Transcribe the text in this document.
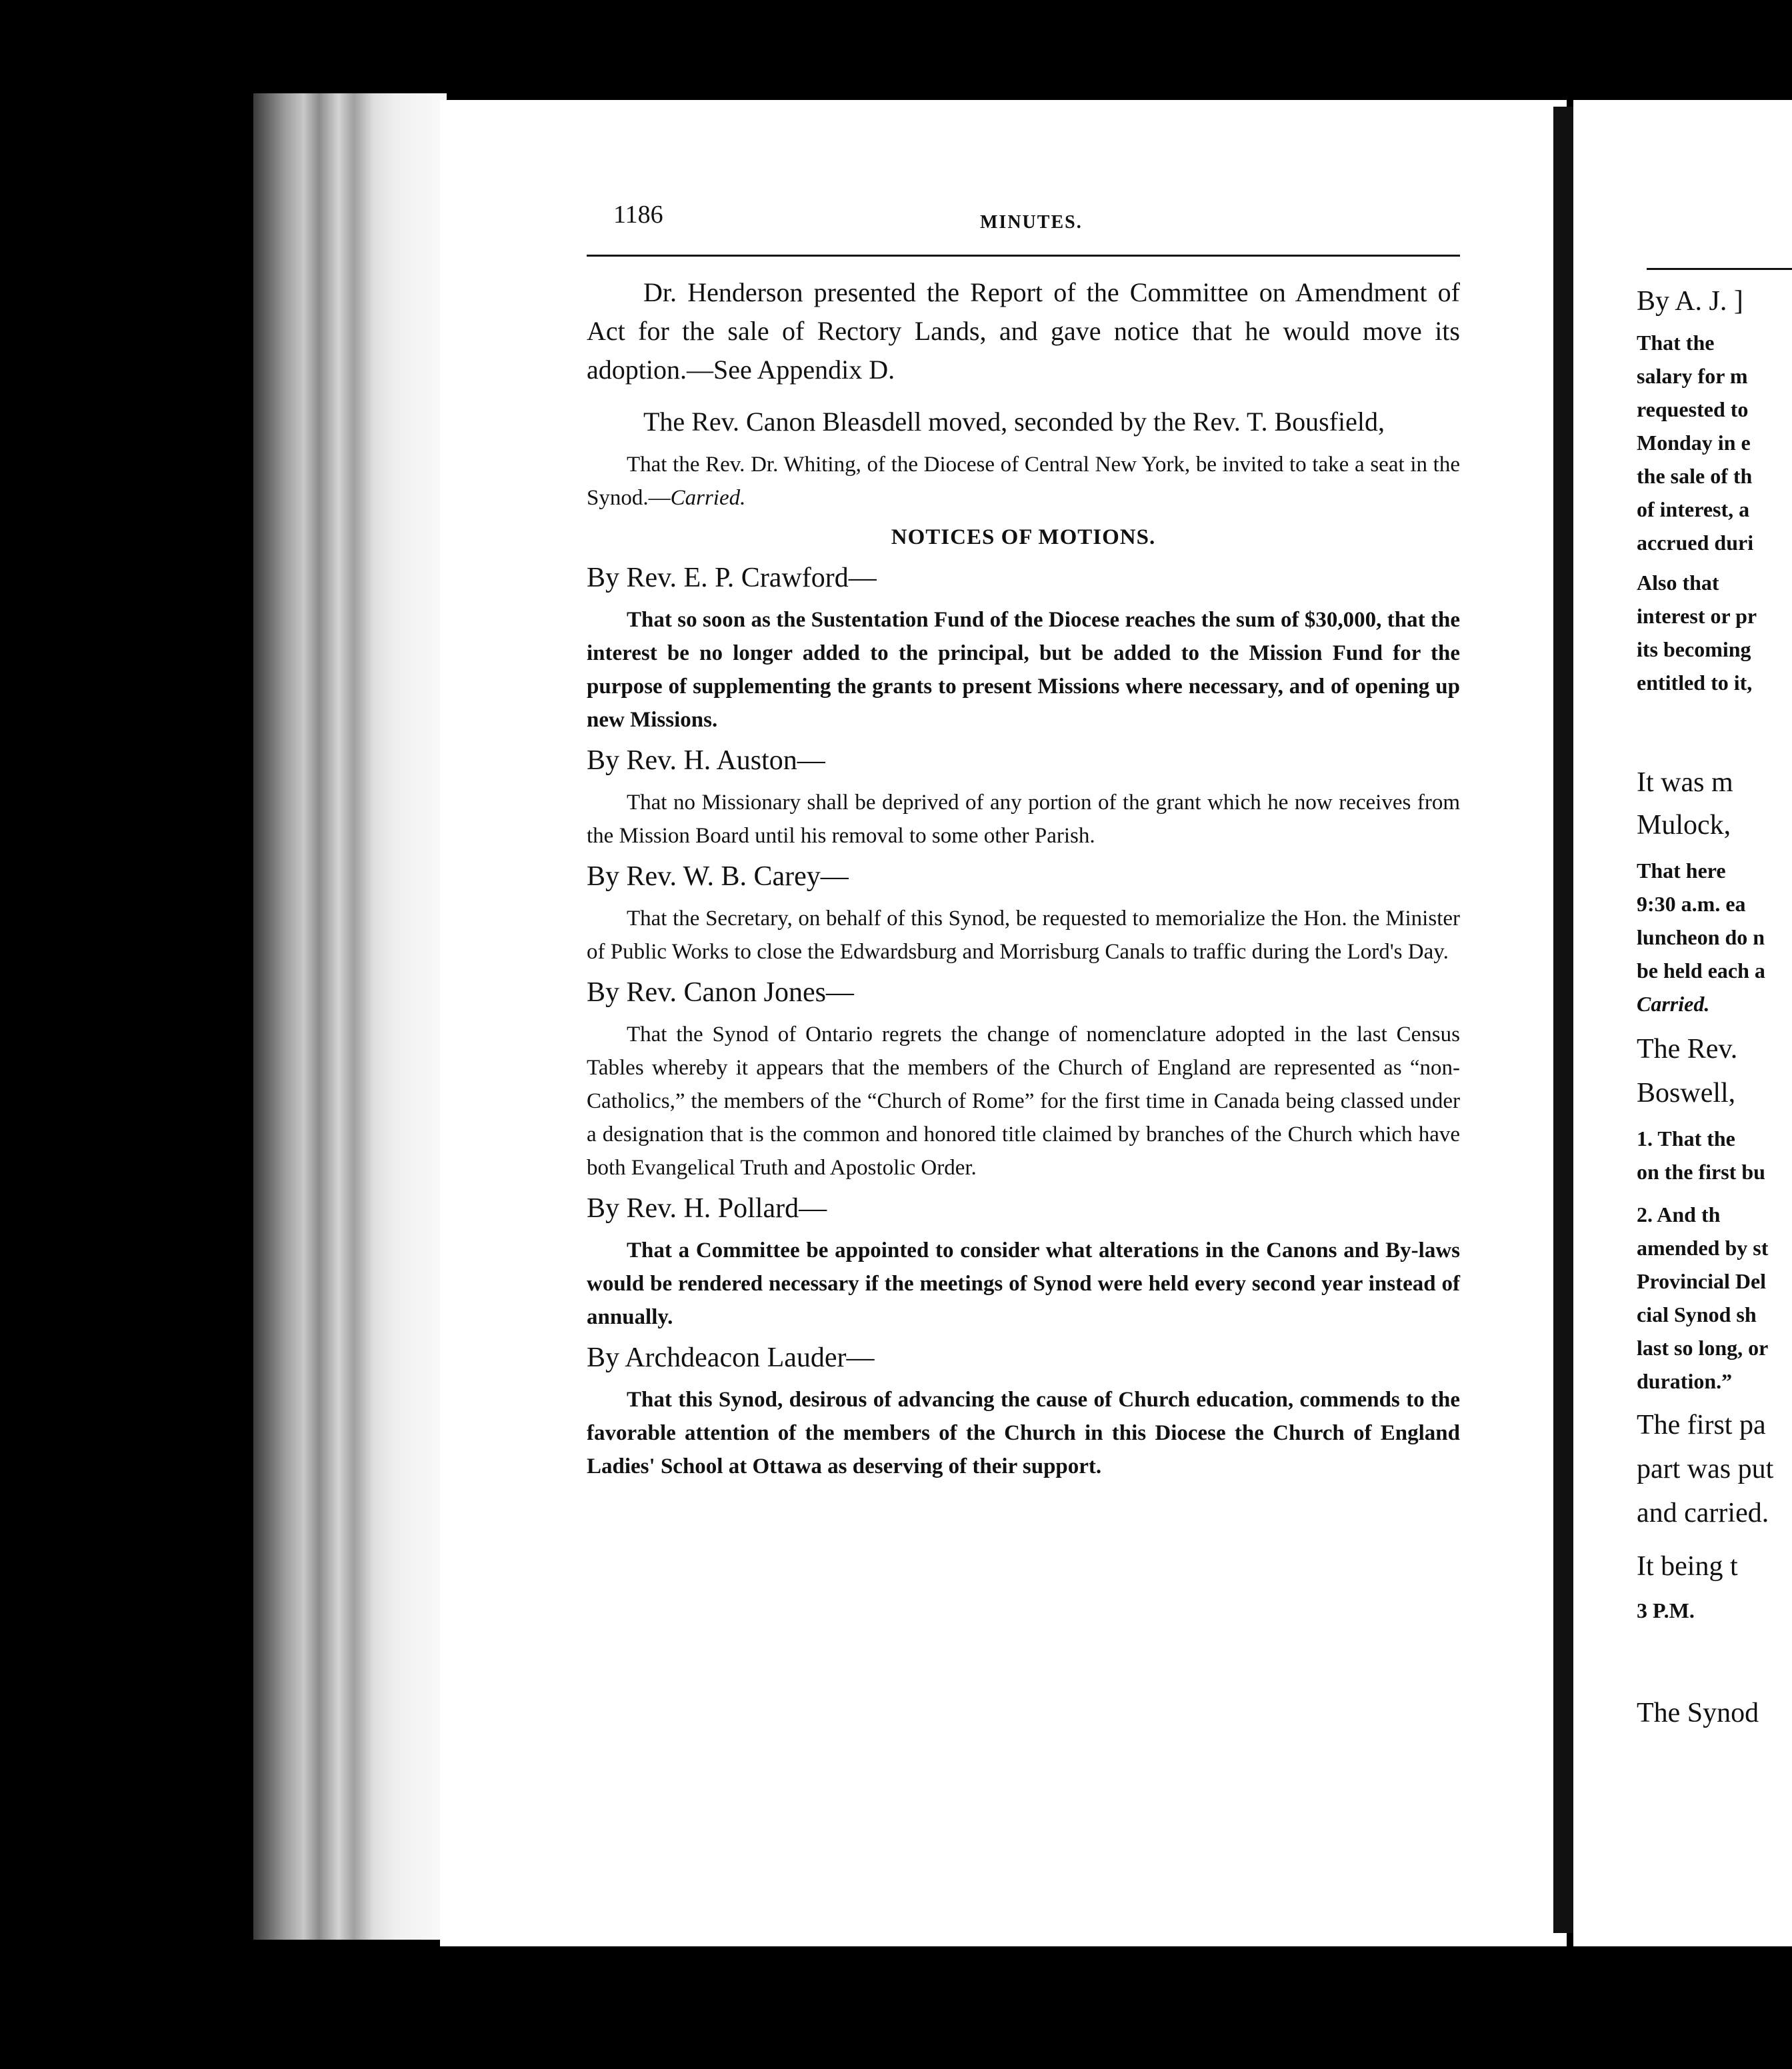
1186	MINUTES.

Dr. Henderson presented the Report of the Committee on Amendment of Act for the sale of Rectory Lands, and gave notice that he would move its adoption.—See Appendix D.

The Rev. Canon Bleasdell moved, seconded by the Rev. T. Bousfield,

That the Rev. Dr. Whiting, of the Diocese of Central New York, be invited to take a seat in the Synod.—Carried.

NOTICES OF MOTIONS.
By Rev. E. P. Crawford—

That so soon as the Sustentation Fund of the Diocese reaches the sum of $30,000, that the interest be no longer added to the principal, but be added to the Mission Fund for the purpose of supplementing the grants to present Missions where necessary, and of opening up new Missions.

By Rev. H. Auston—

That no Missionary shall be deprived of any portion of the grant which he now receives from the Mission Board until his removal to some other Parish.

By Rev. W. B. Carey—

That the Secretary, on behalf of this Synod, be requested to memorialize the Hon. the Minister of Public Works to close the Edwardsburg and Morrisburg Canals to traffic during the Lord's Day.

By Rev. Canon Jones—

That the Synod of Ontario regrets the change of nomenclature adopted in the last Census Tables whereby it appears that the members of the Church of England are represented as “non-Catholics,” the members of the “Church of Rome” for the first time in Canada being classed under a designation that is the common and honored title claimed by branches of the Church which have both Evangelical Truth and Apostolic Order.

By Rev. H. Pollard—

That a Committee be appointed to consider what alterations in the Canons and By-laws would be rendered necessary if the meetings of Synod were held every second year instead of annually.

By Archdeacon Lauder—

That this Synod, desirous of advancing the cause of Church education, commends to the favorable attention of the members of the Church in this Diocese the Church of England Ladies' School at Ottawa as deserving of their support.

By A. J. ]
That the
salary for m
requested to
Monday in e
the sale of th
of interest, a
accrued duri
Also that
interest or pr
its becoming
entitled to it,
It was m
Mulock,
That here
9:30 a.m. ea
luncheon do n
be held each a
Carried.
The Rev.
Boswell,
1. That the
on the first bu
2. And th
amended by st
Provincial Del
cial Synod sh
last so long, or
duration.”
The first pa
part was put
and carried.
It being t
3 P.M.
The Synod
